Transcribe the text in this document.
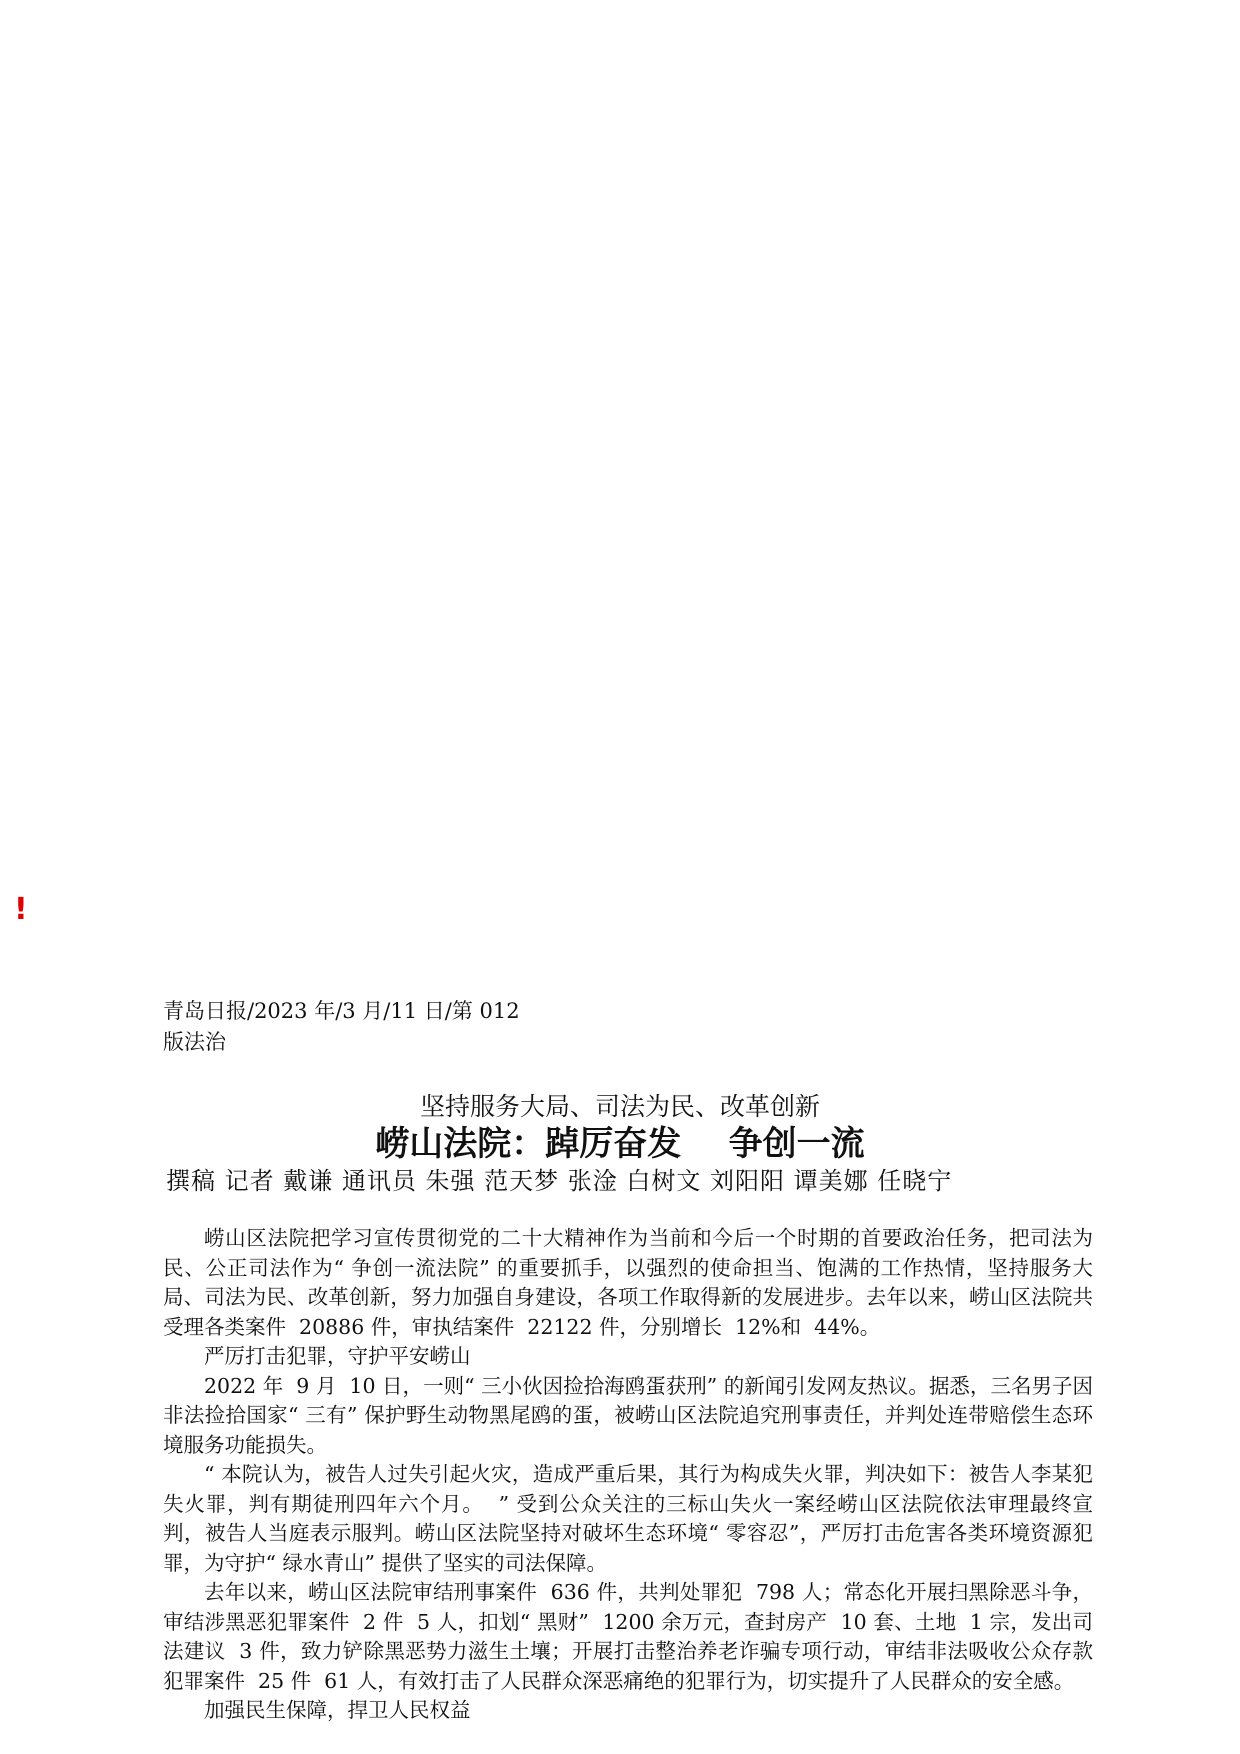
!
青岛日报/2023 年/3 月/11 日/第 012
版法治
坚持服务大局、司法为民、改革创新
崂山法院：踔厉奋发    争创一流
撰稿 记者 戴谦 通讯员 朱强 范天梦 张淦 白树文 刘阳阳 谭美娜 任晓宁

崂山区法院把学习宣传贯彻党的二十大精神作为当前和今后一个时期的首要政治任务，把司法为民、公正司法作为“ 争创一流法院” 的重要抓手，以强烈的使命担当、饱满的工作热情，坚持服务大局、司法为民、改革创新，努力加强自身建设，各项工作取得新的发展进步。去年以来，崂山区法院共受理各类案件  20886 件，审执结案件  22122 件，分别增长  12%和  44%。

严厉打击犯罪，守护平安崂山

2022 年  9 月  10 日，一则“ 三小伙因捡拾海鸥蛋获刑” 的新闻引发网友热议。据悉，三名男子因非法捡拾国家“ 三有” 保护野生动物黑尾鸥的蛋，被崂山区法院追究刑事责任，并判处连带赔偿生态环境服务功能损失。

“ 本院认为，被告人过失引起火灾，造成严重后果，其行为构成失火罪，判决如下：被告人李某犯失火罪，判有期徒刑四年六个月。  ” 受到公众关注的三标山失火一案经崂山区法院依法审理最终宣判，被告人当庭表示服判。崂山区法院坚持对破坏生态环境“ 零容忍”，严厉打击危害各类环境资源犯罪，为守护“ 绿水青山” 提供了坚实的司法保障。

去年以来，崂山区法院审结刑事案件  636 件，共判处罪犯  798 人；常态化开展扫黑除恶斗争，审结涉黑恶犯罪案件  2 件  5 人，扣划“ 黑财”  1200 余万元，查封房产  10 套、土地  1 宗，发出司法建议  3 件，致力铲除黑恶势力滋生土壤；开展打击整治养老诈骗专项行动，审结非法吸收公众存款犯罪案件  25 件  61 人，有效打击了人民群众深恶痛绝的犯罪行为，切实提升了人民群众的安全感。

加强民生保障，捍卫人民权益
